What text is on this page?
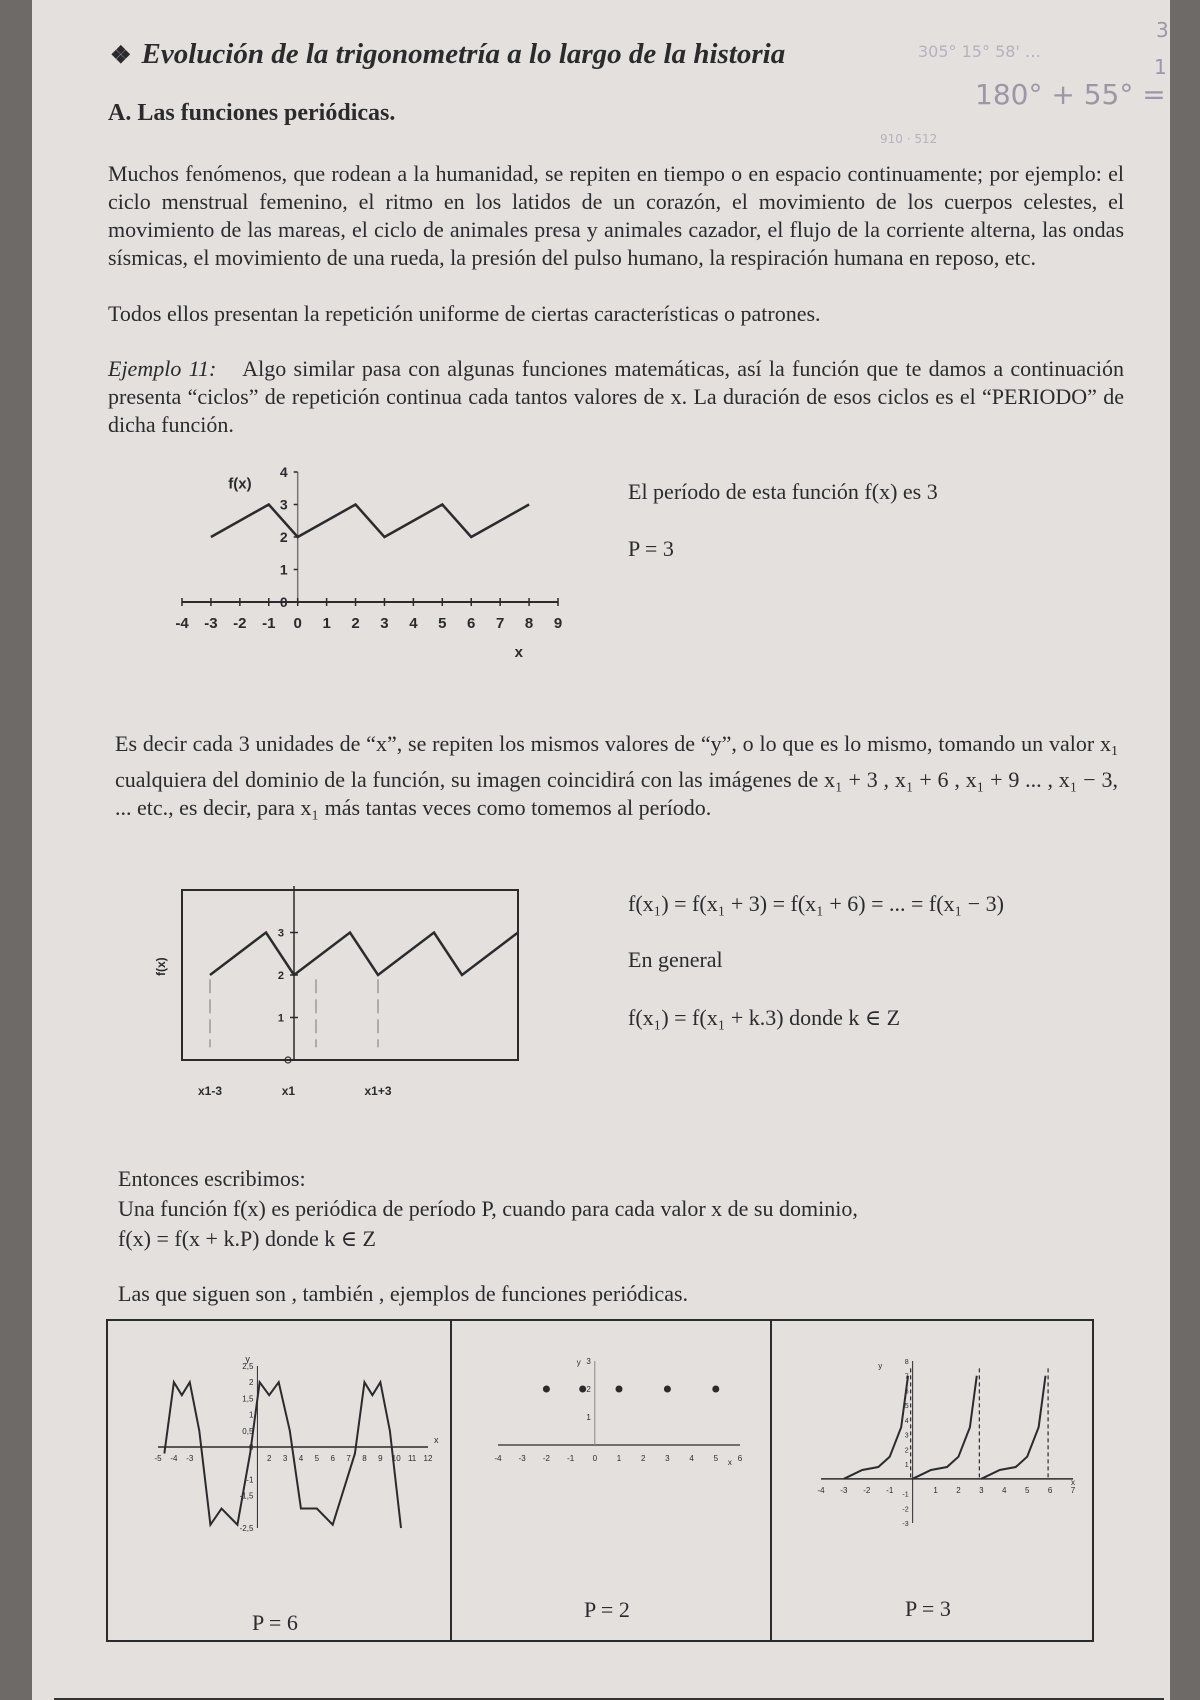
180° + 55° =
3
1
305° 15° 58' …
910 · 512
❖ Evolución de la trigonometría a lo largo de la historia
A. Las funciones periódicas.
Muchos fenómenos, que rodean a la humanidad, se repiten en tiempo o en espacio continuamente; por ejemplo: el ciclo menstrual femenino, el ritmo en los latidos de un corazón, el movimiento de los cuerpos celestes, el movimiento de las mareas, el ciclo de animales presa y animales cazador, el flujo de la corriente alterna, las ondas sísmicas, el movimiento de una rueda, la presión del pulso humano, la respiración humana en reposo, etc.
Todos ellos presentan la repetición uniforme de ciertas características o patrones.
Ejemplo 11: Algo similar pasa con algunas funciones matemáticas, así la función que te damos a continuación presenta “ciclos” de repetición continua cada tantos valores de x. La duración de esos ciclos es el “PERIODO” de dicha función.
-4 -3 -2 -1 0 1 2 3 4 5 6 7 8 9
0
1
2
3
4
f(x)
x
El período de esta función f(x) es 3
P = 3
Es decir cada 3 unidades de “x”, se repiten los mismos valores de “y”, o lo que es lo mismo, tomando un valor $x_1$ cualquiera del dominio de la función, su imagen coincidirá con las imágenes de x₁ + 3 , x₁ + 6 , x₁ + 9 ... , x₁ − 3, ... etc., es decir, para x₁ más tantas veces como tomemos al período.
1
2
3
f(x)
x1-3	x1	x1+3
f(x₁) = f(x₁ + 3) = f(x₁ + 6) = ... = f(x₁ − 3)
En general
f(x₁) = f(x₁ + k.3) donde k ∈ Z
Entonces escribimos:
Una función f(x) es periódica de período P, cuando para cada valor x de su dominio,
f(x) = f(x + k.P) donde k ∈ Z
Las que siguen son , también , ejemplos de funciones periódicas.
2,5
2
1,5
1
0,5
0
-1
-1,5
-2,5
-5 -4 -3	2 3 4 5 6 7 8 9 10 11 12
y
x
-4 -3 -2 -1 0 1 2 3 4 5 6
1
2
3
y
x
-4 -3 -2 -1	1 2 3 4 5 6 7
-3
-2
-1
1
2
3
4
5
6
7
8
y
x
P = 6
P = 2	P = 3
